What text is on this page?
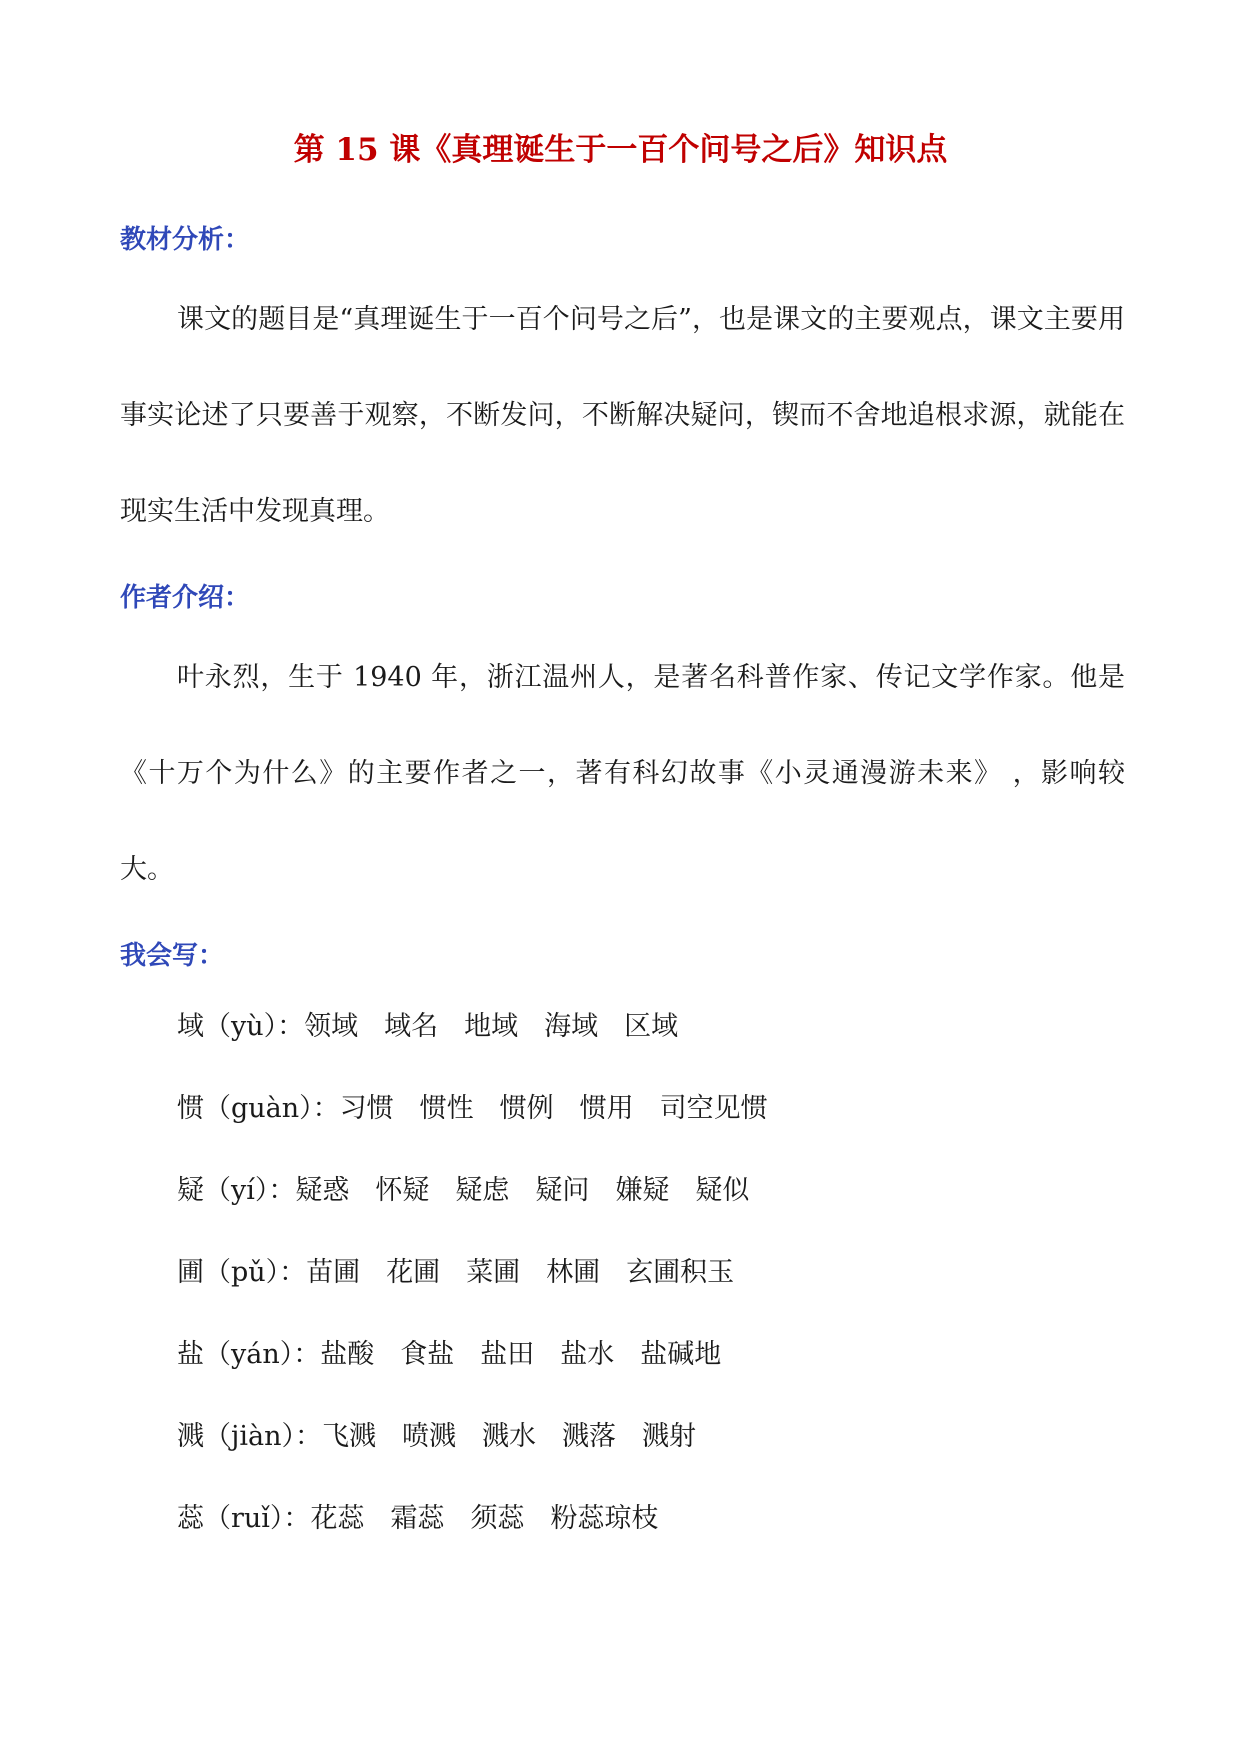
第 15 课《真理诞生于一百个问号之后》知识点
教材分析：

课文的题目是“真理诞生于一百个问号之后”，也是课文的主要观点，课文主要用事实论述了只要善于观察，不断发问，不断解决疑问，锲而不舍地追根求源，就能在现实生活中发现真理。

作者介绍：

叶永烈，生于 1940 年，浙江温州人，是著名科普作家、传记文学作家。他是《十万个为什么》的主要作者之一，著有科幻故事《小灵通漫游未来》 ，影响较大。

我会写：

域（yù）：领域 域名 地域 海域 区域

惯（guàn）：习惯 惯性 惯例 惯用 司空见惯

疑（yí）：疑惑 怀疑 疑虑 疑问 嫌疑 疑似

圃（pǔ）：苗圃 花圃 菜圃 林圃 玄圃积玉

盐（yán）：盐酸 食盐 盐田 盐水 盐碱地

溅（jiàn）：飞溅 喷溅 溅水 溅落 溅射

蕊（ruǐ）：花蕊 霜蕊 须蕊 粉蕊琼枝
